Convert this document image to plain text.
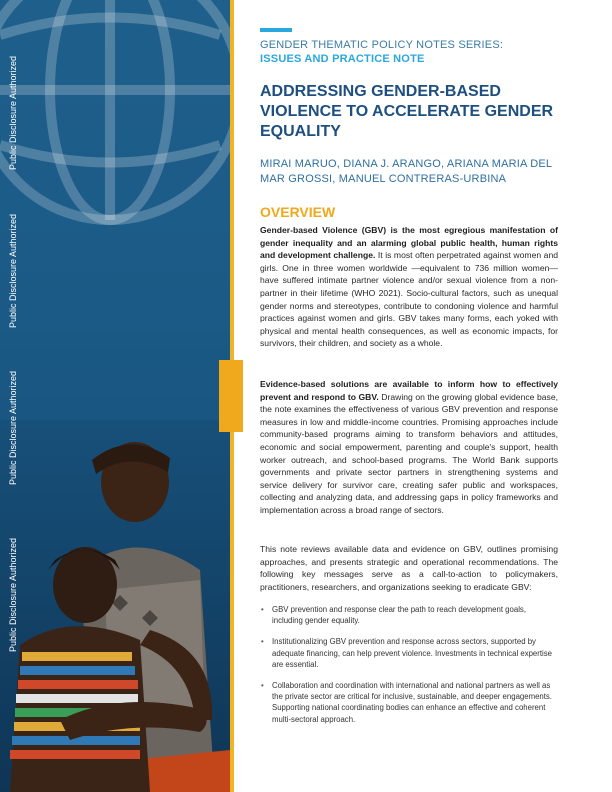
Public Disclosure Authorized
Public Disclosure Authorized
Public Disclosure Authorized
Public Disclosure Authorized
GENDER THEMATIC POLICY NOTES SERIES:
ISSUES AND PRACTICE NOTE
ADDRESSING GENDER-BASED VIOLENCE TO ACCELERATE GENDER EQUALITY
MIRAI MARUO, DIANA J. ARANGO, ARIANA MARIA DEL MAR GROSSI, MANUEL CONTRERAS-URBINA
OVERVIEW
Gender-based Violence (GBV) is the most egregious manifestation of gender inequality and an alarming global public health, human rights and development challenge. It is most often perpetrated against women and girls. One in three women worldwide —equivalent to 736 million women— have suffered intimate partner violence and/or sexual violence from a non-partner in their lifetime (WHO 2021). Socio-cultural factors, such as unequal gender norms and stereotypes, contribute to condoning violence and harmful practices against women and girls. GBV takes many forms, each yoked with physical and mental health consequences, as well as economic impacts, for survivors, their children, and society as a whole.
Evidence-based solutions are available to inform how to effectively prevent and respond to GBV. Drawing on the growing global evidence base, the note examines the effectiveness of various GBV prevention and response measures in low and middle-income countries. Promising approaches include community-based programs aiming to transform behaviors and attitudes, economic and social empowerment, parenting and couple's support, health worker outreach, and school-based programs. The World Bank supports governments and private sector partners in strengthening systems and service delivery for survivor care, creating safer public and workspaces, collecting and analyzing data, and addressing gaps in policy frameworks and implementation across a broad range of sectors.
This note reviews available data and evidence on GBV, outlines promising approaches, and presents strategic and operational recommendations. The following key messages serve as a call-to-action to policymakers, practitioners, researchers, and organizations seeking to eradicate GBV:
• GBV prevention and response clear the path to reach development goals, including gender equality.
• Institutionalizing GBV prevention and response across sectors, supported by adequate financing, can help prevent violence. Investments in technical expertise are essential.
• Collaboration and coordination with international and national partners as well as the private sector are critical for inclusive, sustainable, and deeper engagements. Supporting national coordinating bodies can enhance an effective and coherent multi-sectoral approach.
